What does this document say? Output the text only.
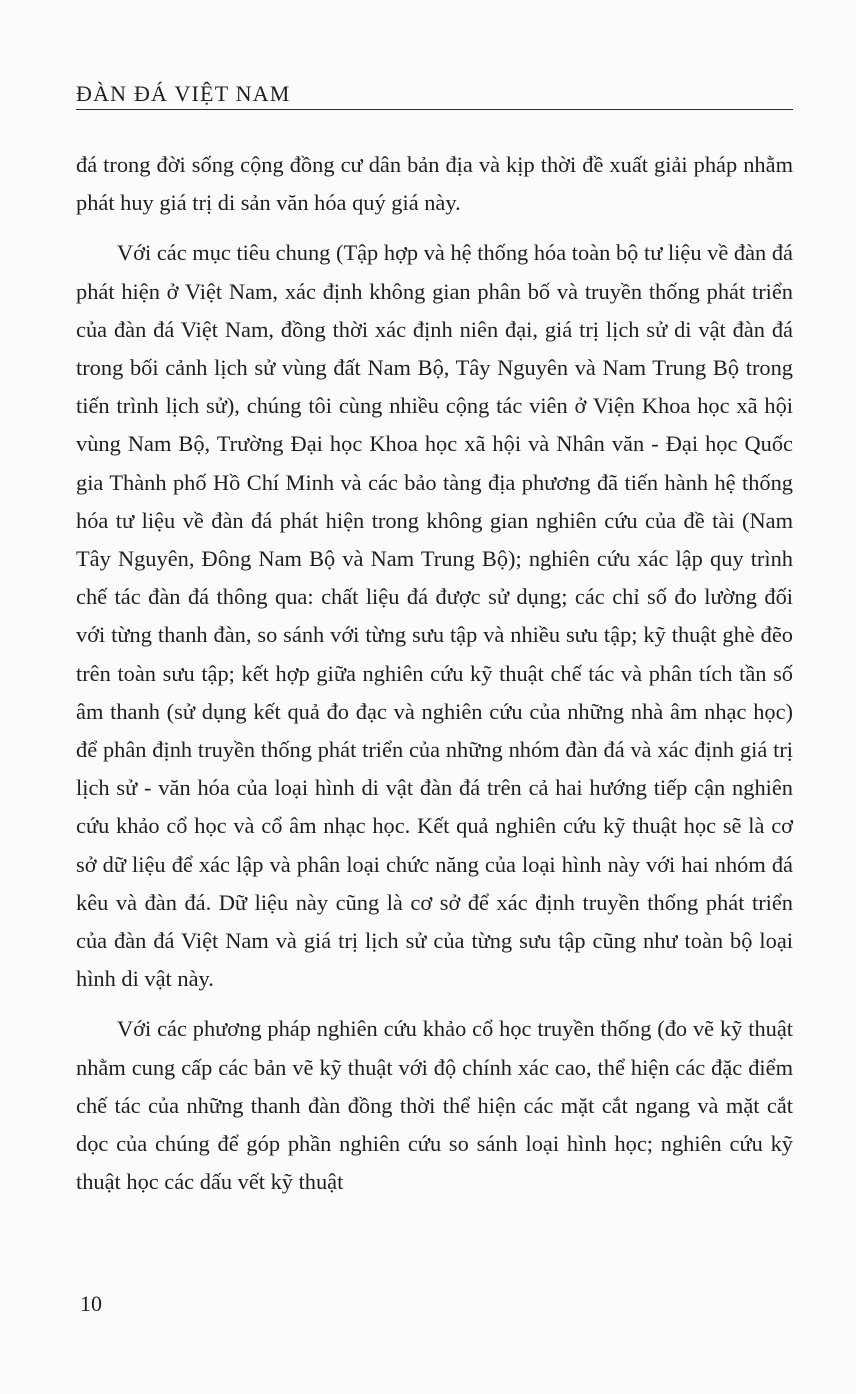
ĐÀN ĐÁ VIỆT NAM

đá trong đời sống cộng đồng cư dân bản địa và kịp thời đề xuất giải pháp nhằm phát huy giá trị di sản văn hóa quý giá này.

Với các mục tiêu chung (Tập hợp và hệ thống hóa toàn bộ tư liệu về đàn đá phát hiện ở Việt Nam, xác định không gian phân bố và truyền thống phát triển của đàn đá Việt Nam, đồng thời xác định niên đại, giá trị lịch sử di vật đàn đá trong bối cảnh lịch sử vùng đất Nam Bộ, Tây Nguyên và Nam Trung Bộ trong tiến trình lịch sử), chúng tôi cùng nhiều cộng tác viên ở Viện Khoa học xã hội vùng Nam Bộ, Trường Đại học Khoa học xã hội và Nhân văn - Đại học Quốc gia Thành phố Hồ Chí Minh và các bảo tàng địa phương đã tiến hành hệ thống hóa tư liệu về đàn đá phát hiện trong không gian nghiên cứu của đề tài (Nam Tây Nguyên, Đông Nam Bộ và Nam Trung Bộ); nghiên cứu xác lập quy trình chế tác đàn đá thông qua: chất liệu đá được sử dụng; các chỉ số đo lường đối với từng thanh đàn, so sánh với từng sưu tập và nhiều sưu tập; kỹ thuật ghè đẽo trên toàn sưu tập; kết hợp giữa nghiên cứu kỹ thuật chế tác và phân tích tần số âm thanh (sử dụng kết quả đo đạc và nghiên cứu của những nhà âm nhạc học) để phân định truyền thống phát triển của những nhóm đàn đá và xác định giá trị lịch sử - văn hóa của loại hình di vật đàn đá trên cả hai hướng tiếp cận nghiên cứu khảo cổ học và cổ âm nhạc học. Kết quả nghiên cứu kỹ thuật học sẽ là cơ sở dữ liệu để xác lập và phân loại chức năng của loại hình này với hai nhóm đá kêu và đàn đá. Dữ liệu này cũng là cơ sở để xác định truyền thống phát triển của đàn đá Việt Nam và giá trị lịch sử của từng sưu tập cũng như toàn bộ loại hình di vật này.

Với các phương pháp nghiên cứu khảo cổ học truyền thống (đo vẽ kỹ thuật nhằm cung cấp các bản vẽ kỹ thuật với độ chính xác cao, thể hiện các đặc điểm chế tác của những thanh đàn đồng thời thể hiện các mặt cắt ngang và mặt cắt dọc của chúng để góp phần nghiên cứu so sánh loại hình học; nghiên cứu kỹ thuật học các dấu vết kỹ thuật

10
